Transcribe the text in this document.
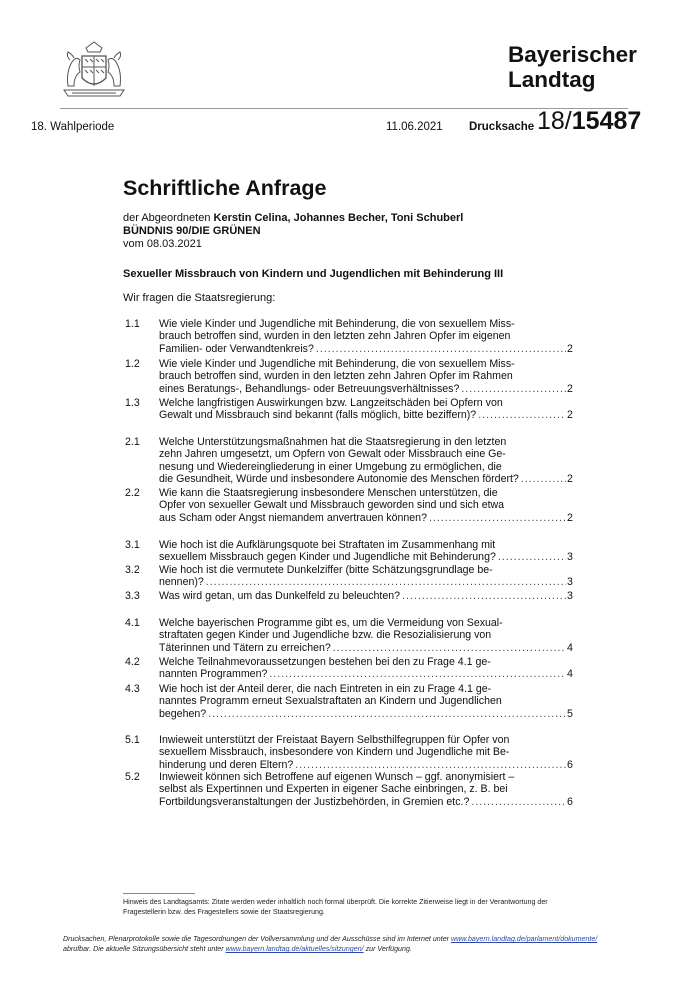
Bayerischer
Landtag
18. Wahlperiode	11.06.2021 Drucksache 18/15487
Schriftliche Anfrage
der Abgeordneten Kerstin Celina, Johannes Becher, Toni Schuberl
BÜNDNIS 90/DIE GRÜNEN
vom 08.03.2021
Sexueller Missbrauch von Kindern und Jugendlichen mit Behinderung III
Wir fragen die Staatsregierung:
1.1 Wie viele Kinder und Jugendliche mit Behinderung, die von sexuellem Miss-
brauch betroffen sind, wurden in den letzten zehn Jahren Opfer im eigenen
Familien- oder Verwandtenkreis? .....	2
1.2 Wie viele Kinder und Jugendliche mit Behinderung, die von sexuellem Miss-
brauch betroffen sind, wurden in den letzten zehn Jahren Opfer im Rahmen
eines Beratungs-, Behandlungs- oder Betreuungsverhältnisses? .....	2
1.3 Welche langfristigen Auswirkungen bzw. Langzeitschäden bei Opfern von
Gewalt und Missbrauch sind bekannt (falls möglich, bitte beziffern)? .....	2
2.1 Welche Unterstützungsmaßnahmen hat die Staatsregierung in den letzten
zehn Jahren umgesetzt, um Opfern von Gewalt oder Missbrauch eine Ge-
nesung und Wiedereingliederung in einer Umgebung zu ermöglichen, die
die Gesundheit, Würde und insbesondere Autonomie des Menschen fördert? .....	2
2.2 Wie kann die Staatsregierung insbesondere Menschen unterstützen, die
Opfer von sexueller Gewalt und Missbrauch geworden sind und sich etwa
aus Scham oder Angst niemandem anvertrauen können? .....	2
3.1 Wie hoch ist die Aufklärungsquote bei Straftaten im Zusammenhang mit
sexuellem Missbrauch gegen Kinder und Jugendliche mit Behinderung? .....	3
3.2 Wie hoch ist die vermutete Dunkelziffer (bitte Schätzungsgrundlage be-
nennen)? .....	3
3.3 Was wird getan, um das Dunkelfeld zu beleuchten? .....	3
4.1 Welche bayerischen Programme gibt es, um die Vermeidung von Sexual-
straftaten gegen Kinder und Jugendliche bzw. die Resozialisierung von
Täterinnen und Tätern zu erreichen? .....	4
4.2 Welche Teilnahmevoraussetzungen bestehen bei den zu Frage 4.1 ge-
nannten Programmen? .....	4
4.3 Wie hoch ist der Anteil derer, die nach Eintreten in ein zu Frage 4.1 ge-
nanntes Programm erneut Sexualstraftaten an Kindern und Jugendlichen
begehen? .....	5
5.1 Inwieweit unterstützt der Freistaat Bayern Selbsthilfegruppen für Opfer von
sexuellem Missbrauch, insbesondere von Kindern und Jugendliche mit Be-
hinderung und deren Eltern? .....	6
5.2 Inwieweit können sich Betroffene auf eigenen Wunsch – ggf. anonymisiert –
selbst als Expertinnen und Experten in eigener Sache einbringen, z. B. bei
Fortbildungsveranstaltungen der Justizbehörden, in Gremien etc.? .....	6
Hinweis des Landtagsamts: Zitate werden weder inhaltlich noch formal überprüft. Die korrekte Zitierweise liegt in der Verantwortung der Fragestellerin bzw. des Fragestellers sowie der Staatsregierung.
Drucksachen, Plenarprotokolle sowie die Tagesordnungen der Vollversammlung und der Ausschüsse sind im Internet unter www.bayern.landtag.de/parlament/dokumente/ abrufbar. Die aktuelle Sitzungsübersicht steht unter www.bayern.landtag.de/aktuelles/sitzungen/ zur Verfügung.
